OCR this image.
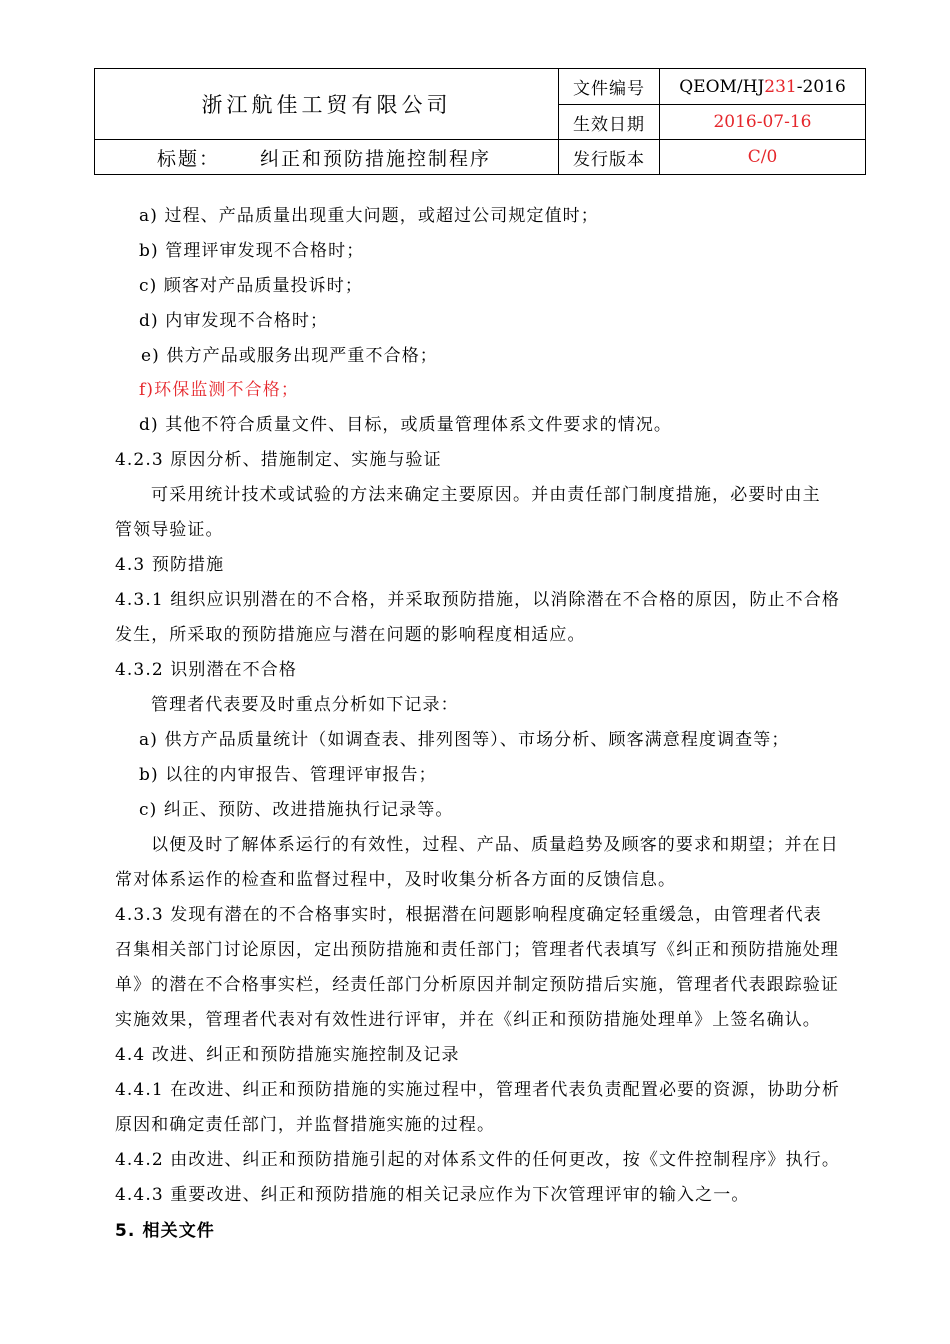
浙江航佳工贸有限公司	文件编号	QEOM/HJ231-2016
	生效日期	2016-07-16
标题： 纠正和预防措施控制程序	发行版本	C/0
a) 过程、产品质量出现重大问题，或超过公司规定值时；
b) 管理评审发现不合格时；
c) 顾客对产品质量投诉时；
d) 内审发现不合格时；
e) 供方产品或服务出现严重不合格；
f)环保监测不合格；
d) 其他不符合质量文件、目标，或质量管理体系文件要求的情况。
4.2.3 原因分析、措施制定、实施与验证
可采用统计技术或试验的方法来确定主要原因。并由责任部门制度措施，必要时由主
管领导验证。
4.3 预防措施
4.3.1 组织应识别潜在的不合格，并采取预防措施，以消除潜在不合格的原因，防止不合格
发生，所采取的预防措施应与潜在问题的影响程度相适应。
4.3.2 识别潜在不合格
管理者代表要及时重点分析如下记录：
a) 供方产品质量统计（如调查表、排列图等）、市场分析、顾客满意程度调查等；
b) 以往的内审报告、管理评审报告；
c) 纠正、预防、改进措施执行记录等。
以便及时了解体系运行的有效性，过程、产品、质量趋势及顾客的要求和期望；并在日
常对体系运作的检查和监督过程中，及时收集分析各方面的反馈信息。
4.3.3 发现有潜在的不合格事实时，根据潜在问题影响程度确定轻重缓急，由管理者代表
召集相关部门讨论原因，定出预防措施和责任部门；管理者代表填写《纠正和预防措施处理
单》的潜在不合格事实栏，经责任部门分析原因并制定预防措后实施，管理者代表跟踪验证
实施效果，管理者代表对有效性进行评审，并在《纠正和预防措施处理单》上签名确认。
4.4 改进、纠正和预防措施实施控制及记录
4.4.1 在改进、纠正和预防措施的实施过程中，管理者代表负责配置必要的资源，协助分析
原因和确定责任部门，并监督措施实施的过程。
4.4.2 由改进、纠正和预防措施引起的对体系文件的任何更改，按《文件控制程序》执行。
4.4.3 重要改进、纠正和预防措施的相关记录应作为下次管理评审的输入之一。
5. 相关文件
